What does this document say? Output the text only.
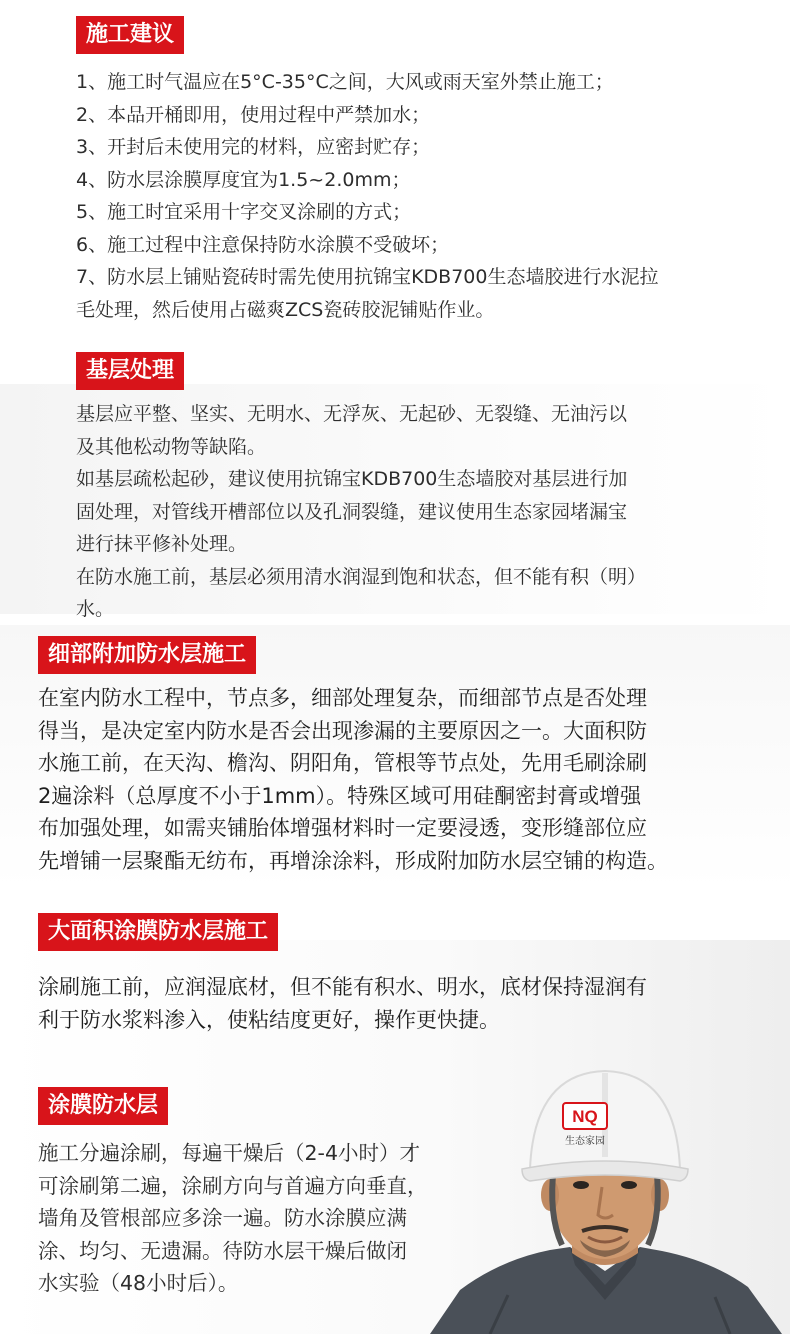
施工建议
1、施工时气温应在5°C-35°C之间，大风或雨天室外禁止施工；
2、本品开桶即用，使用过程中严禁加水；
3、开封后未使用完的材料，应密封贮存；
4、防水层涂膜厚度宜为1.5~2.0mm；
5、施工时宜采用十字交叉涂刷的方式；
6、施工过程中注意保持防水涂膜不受破坏；
7、防水层上铺贴瓷砖时需先使用抗锦宝KDB700生态墙胶进行水泥拉
毛处理，然后使用占磁爽ZCS瓷砖胶泥铺贴作业。
基层处理
基层应平整、坚实、无明水、无浮灰、无起砂、无裂缝、无油污以
及其他松动物等缺陷。
如基层疏松起砂，建议使用抗锦宝KDB700生态墙胶对基层进行加
固处理，对管线开槽部位以及孔洞裂缝，建议使用生态家园堵漏宝
进行抹平修补处理。
在防水施工前，基层必须用清水润湿到饱和状态，但不能有积（明）
水。
细部附加防水层施工
在室内防水工程中，节点多，细部处理复杂，而细部节点是否处理
得当，是决定室内防水是否会出现渗漏的主要原因之一。大面积防
水施工前，在天沟、檐沟、阴阳角，管根等节点处，先用毛刷涂刷
2遍涂料（总厚度不小于1mm）。特殊区域可用硅酮密封膏或增强
布加强处理，如需夹铺胎体增强材料时一定要浸透，变形缝部位应
先增铺一层聚酯无纺布，再增涂涂料，形成附加防水层空铺的构造。
大面积涂膜防水层施工
涂刷施工前，应润湿底材，但不能有积水、明水，底材保持湿润有
利于防水浆料渗入，使粘结度更好，操作更快捷。
涂膜防水层
施工分遍涂刷，每遍干燥后（2-4小时）才
可涂刷第二遍，涂刷方向与首遍方向垂直，
墙角及管根部应多涂一遍。防水涂膜应满
涂、均匀、无遗漏。待防水层干燥后做闭
水实验（48小时后）。
NQ
生态家园
